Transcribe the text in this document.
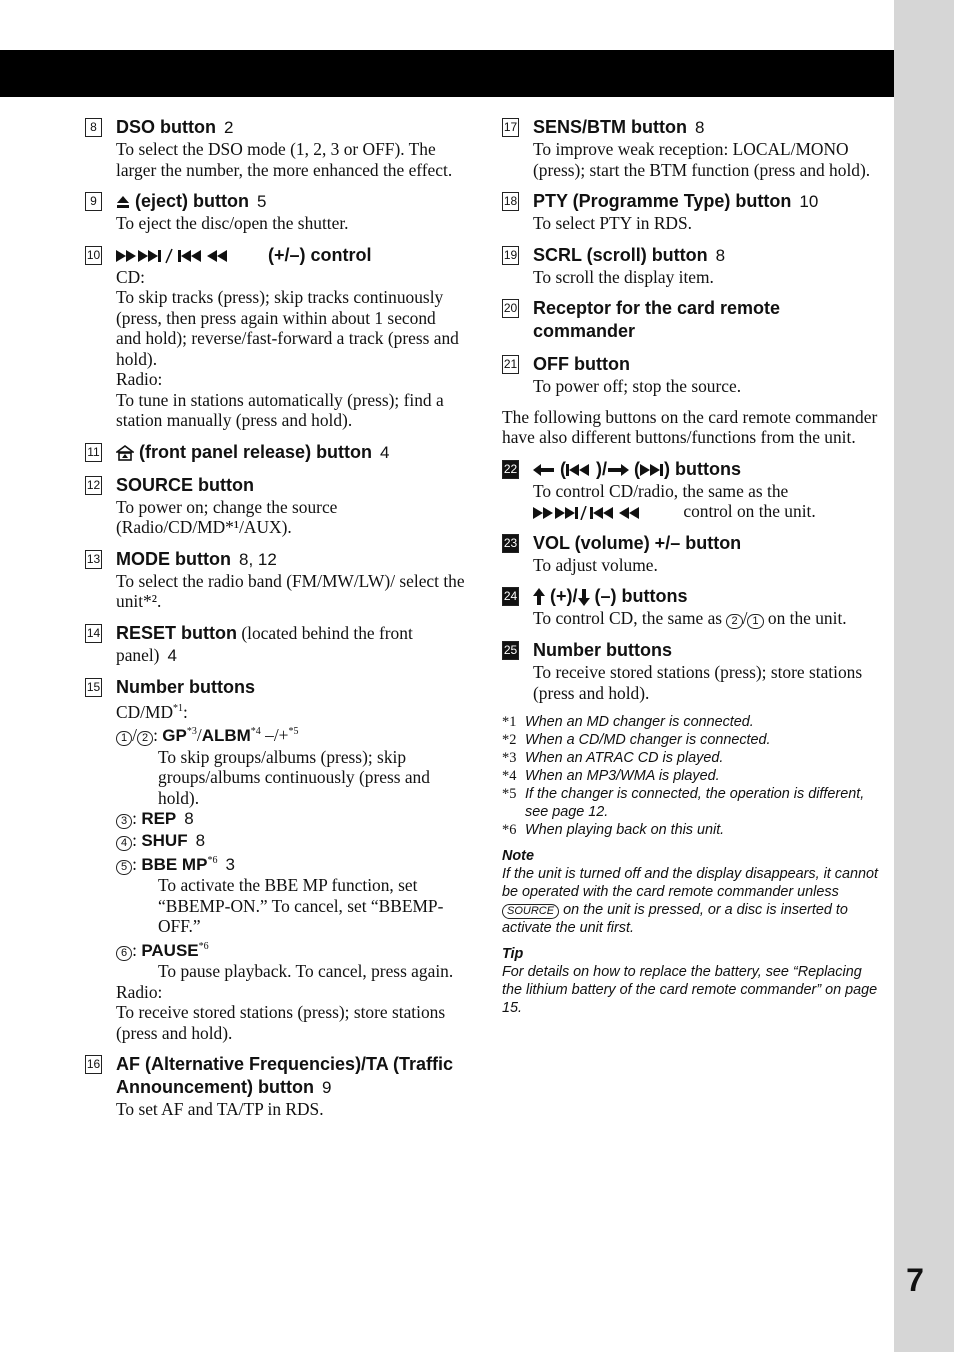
7
8 DSO button 2
To select the DSO mode (1, 2, 3 or OFF). The larger the number, the more enhanced the effect.
9	(eject) button 5
To eject the disc/open the shutter.
10	(+/–) control
CD:
To skip tracks (press); skip tracks continuously (press, then press again within about 1 second and hold); reverse/fast-forward a track (press and hold).
Radio:
To tune in stations automatically (press); find a station manually (press and hold).
11	(front panel release) button 4
12 SOURCE button
To power on; change the source (Radio/CD/MD*¹/AUX).
13 MODE button 8, 12
To select the radio band (FM/MW/LW)/ select the unit*².
14 RESET button (located behind the front panel) 4
15 Number buttons
CD/MD$^{*1}$:
1 / 2 : GP$^{*3}$/ALBM$^{*4}$ –/+$^{*5}$
To skip groups/albums (press); skip groups/albums continuously (press and hold).
3 : REP 8
4 : SHUF 8
5 : BBE MP$^{*6}$ 3
To activate the BBE MP function, set “BBEMP-ON.” To cancel, set “BBEMP-OFF.”
6 : PAUSE$^{*6}$
To pause playback. To cancel, press again.
Radio:
To receive stored stations (press); store stations (press and hold).
16 AF (Alternative Frequencies)/TA (Traffic Announcement) button 9
To set AF and TA/TP in RDS.
17 SENS/BTM button 8
To improve weak reception: LOCAL/MONO (press); start the BTM function (press and hold).
18 PTY (Programme Type) button 10
To select PTY in RDS.
19 SCRL (scroll) button 8
To scroll the display item.
20 Receptor for the card remote commander
21 OFF button
To power off; stop the source.

The following buttons on the card remote commander have also different buttons/functions from the unit.

22	( )/ ( ) buttons
To control CD/radio, the same as the
control on the unit.
23 VOL (volume) +/– button
To adjust volume.
24	(+)/ (–) buttons
To control CD, the same as 2 / 1 on the unit.
25 Number buttons
To receive stored stations (press); store stations (press and hold).
*1 When an MD changer is connected.
*2 When a CD/MD changer is connected.
*3 When an ATRAC CD is played.
*4 When an MP3/WMA is played.
*5 If the changer is connected, the operation is different, see page 12.
*6 When playing back on this unit.
Note
If the unit is turned off and the display disappears, it cannot be operated with the card remote commander unless SOURCE on the unit is pressed, or a disc is inserted to activate the unit first.
Tip
For details on how to replace the battery, see “Replacing the lithium battery of the card remote commander” on page 15.
